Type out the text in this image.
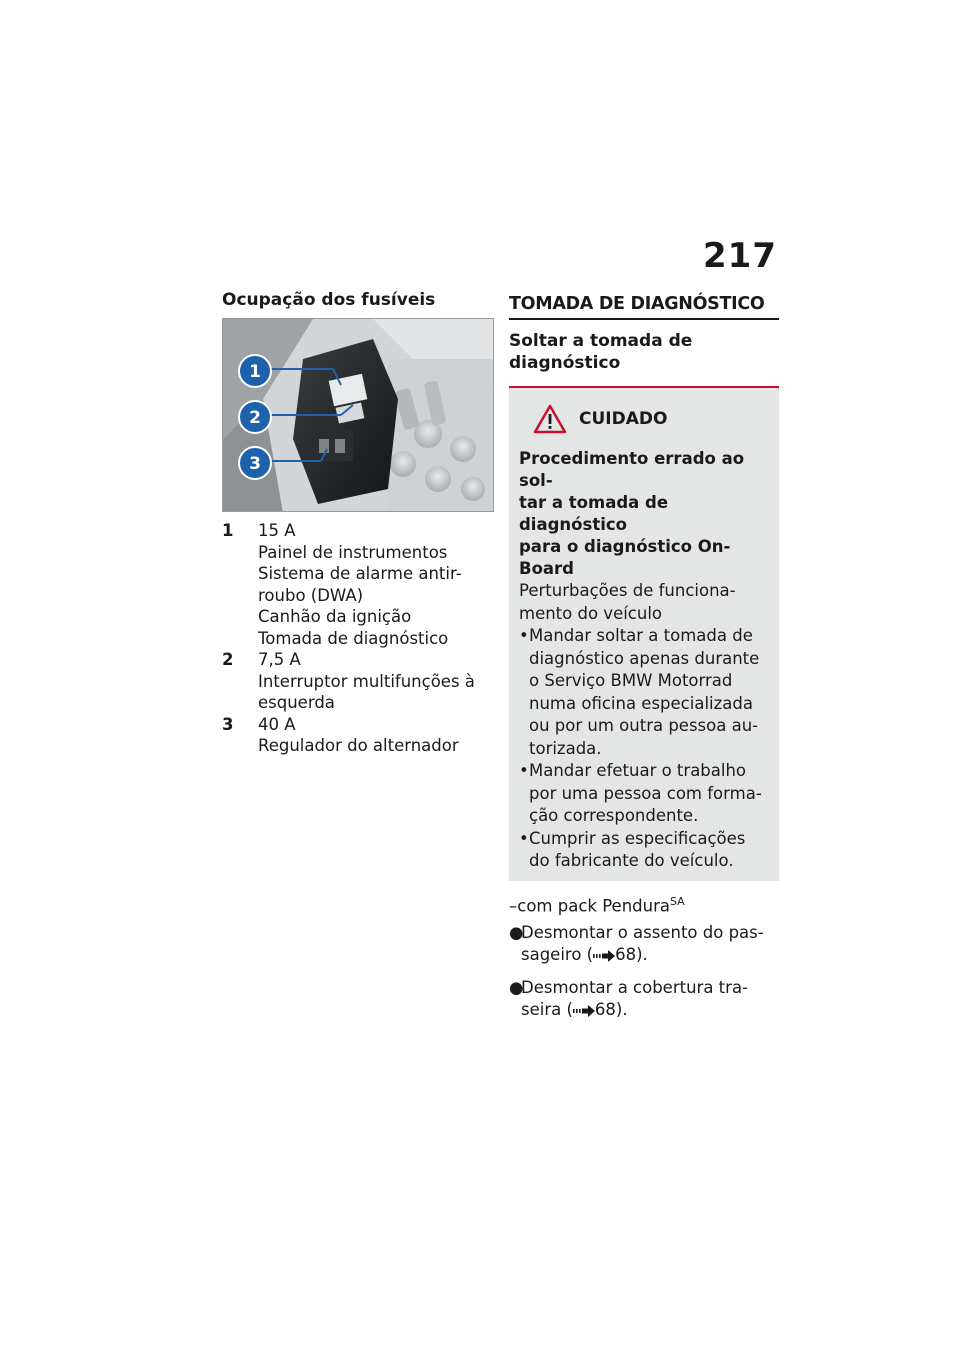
217
Ocupação dos fusíveis
1
2
3
1	15 A
Painel de instrumentos
Sistema de alarme antir-
roubo (DWA)
Canhão da ignição
Tomada de diagnóstico
2	7,5 A
Interruptor multifunções à
esquerda
3	40 A
Regulador do alternador
TOMADA DE DIAGNÓSTICO
Soltar a tomada de
diagnóstico
CUIDADO
Procedimento errado ao sol-
tar a tomada de diagnóstico
para o diagnóstico On-Board
Perturbações de funciona-
mento do veículo
• Mandar soltar a tomada de
diagnóstico apenas durante
o Serviço BMW Motorrad
numa oficina especializada
ou por um outra pessoa au-
torizada.
• Mandar efetuar o trabalho
por uma pessoa com forma-
ção correspondente.
• Cumprir as especificações
do fabricante do veículo.
–com pack Pendura$^{SA}$
●
Desmontar o assento do pas-
sageiro ( 68).
●
Desmontar a cobertura tra-
seira ( 68).
